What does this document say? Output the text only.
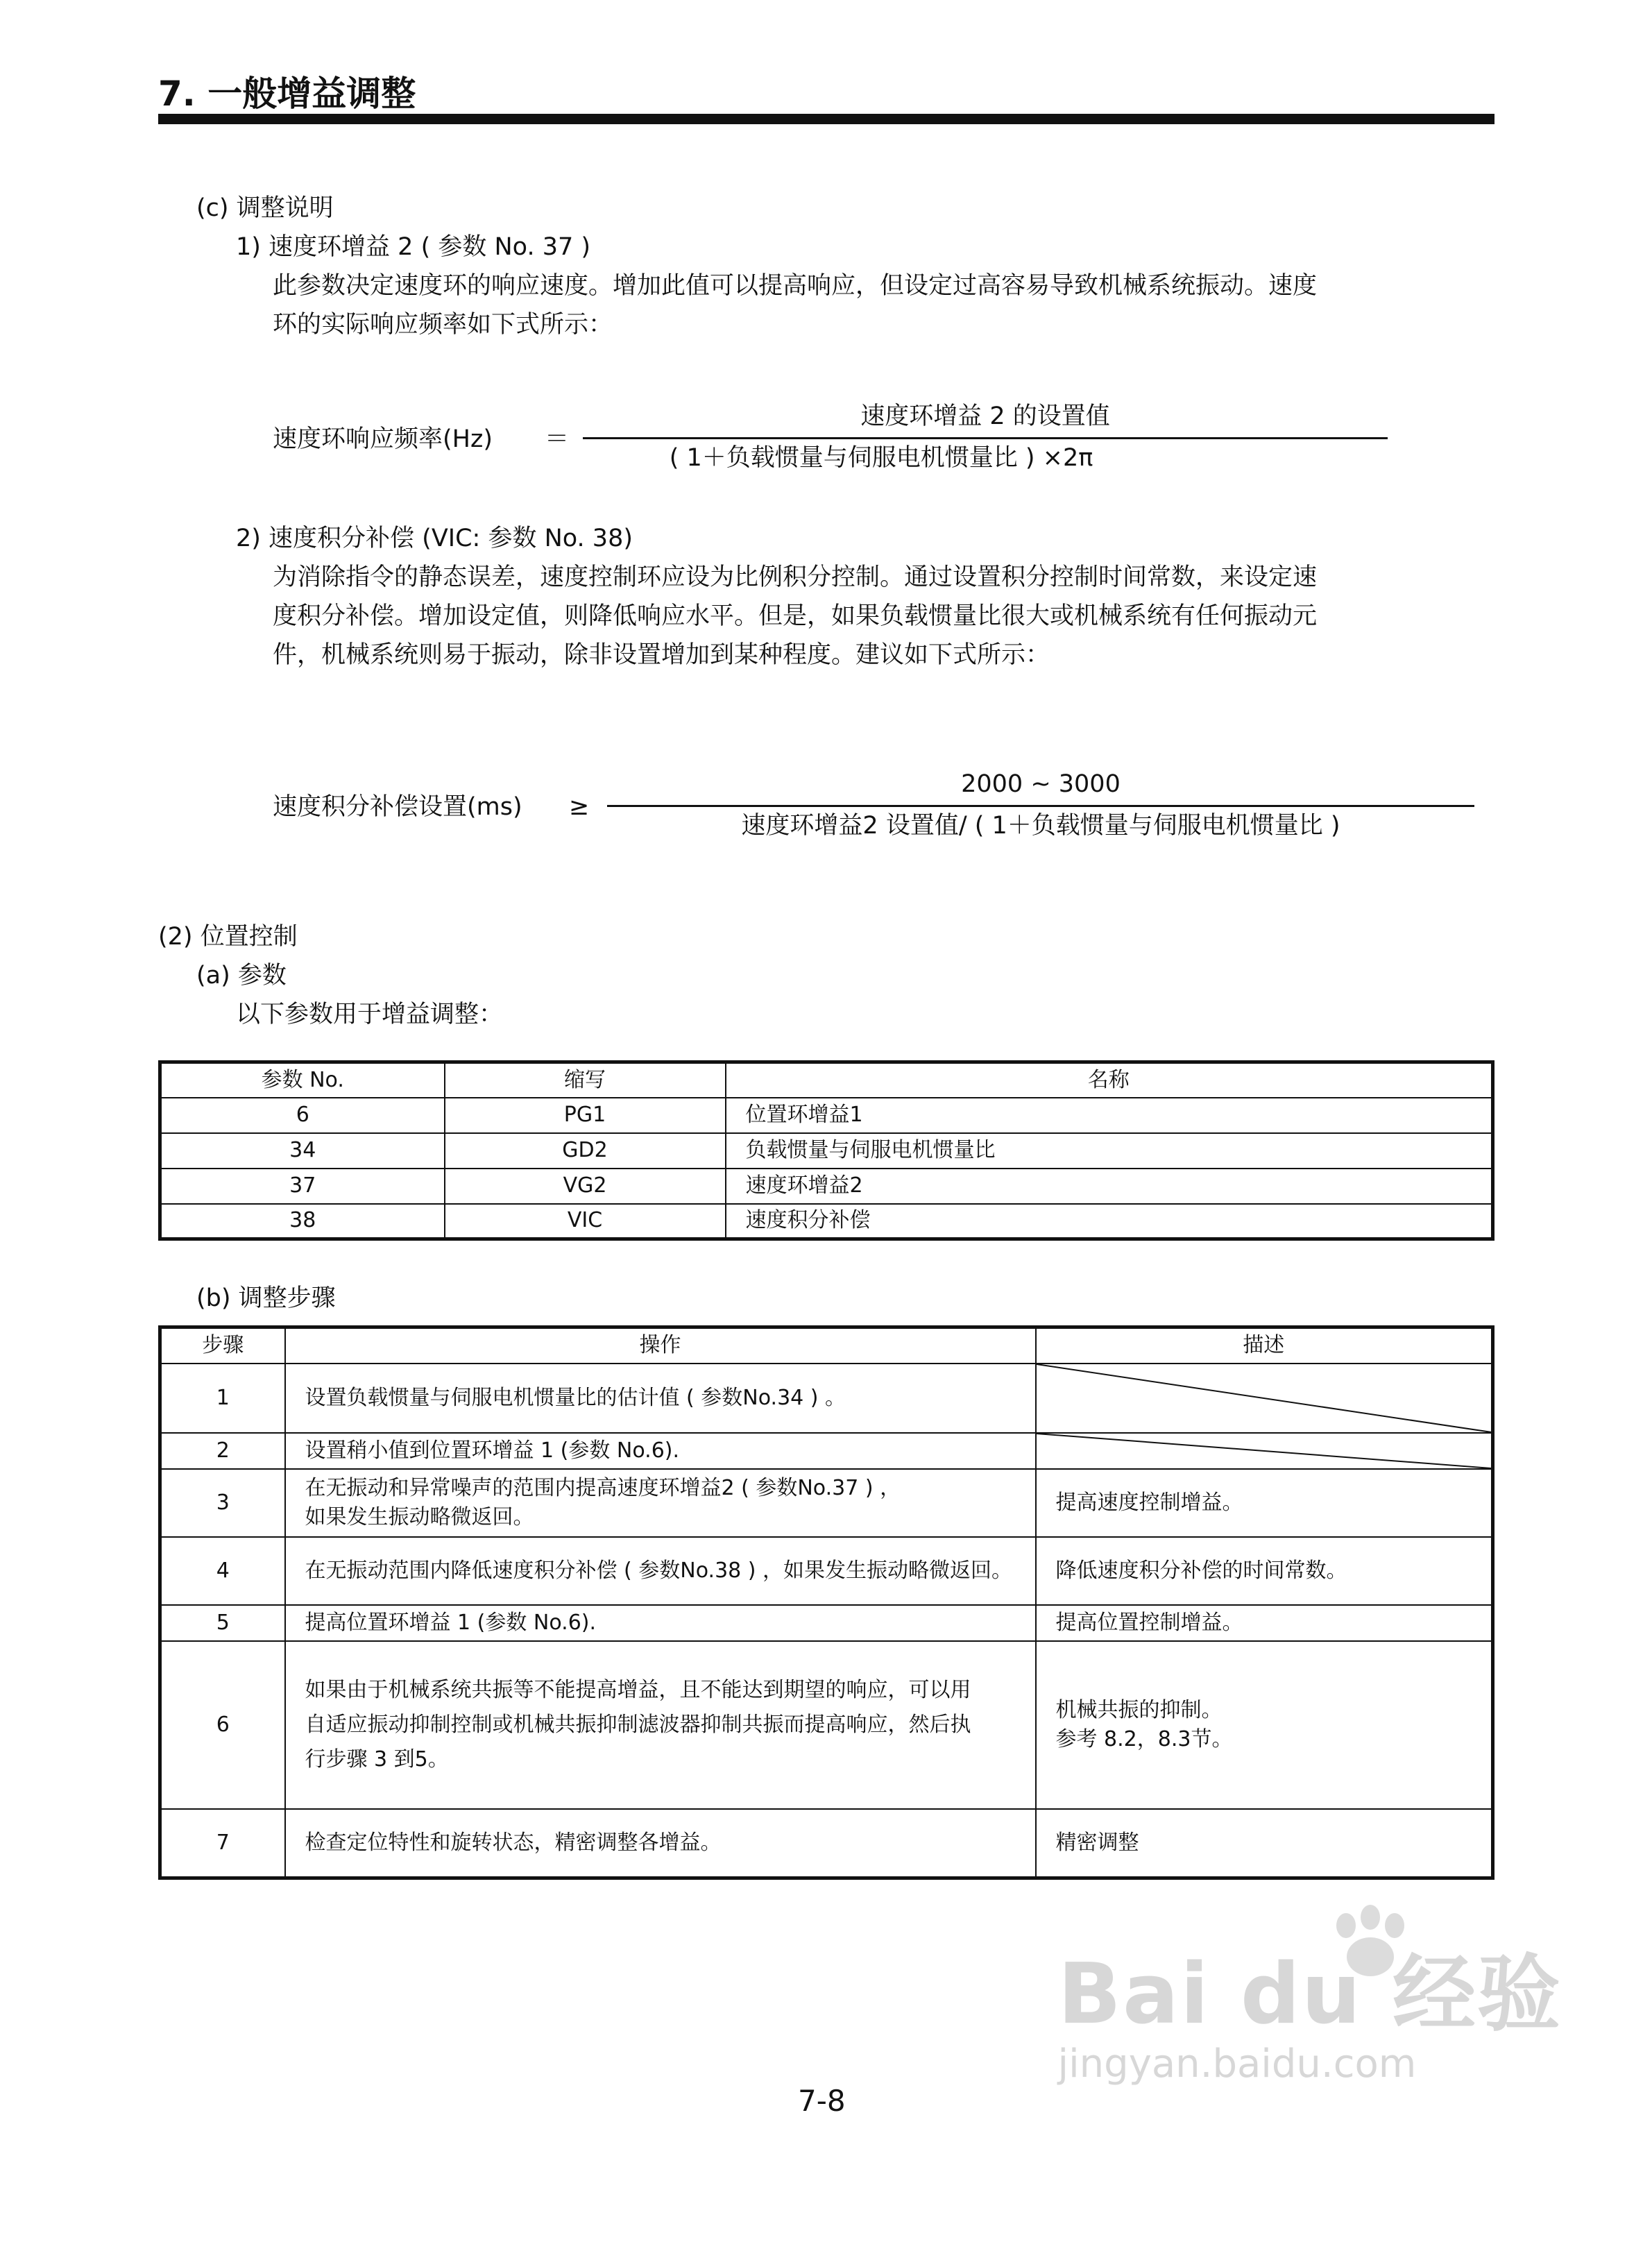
7. 一般增益调整
(c) 调整说明
1) 速度环增益 2 ( 参数 No. 37 )
此参数决定速度环的响应速度。增加此值可以提高响应，但设定过高容易导致机械系统振动。速度
环的实际响应频率如下式所示：
速度环响应频率(Hz) ＝
速度环增益 2 的设置值
( 1＋负载惯量与伺服电机惯量比 ) ×2π
2) 速度积分补偿 (VIC: 参数 No. 38)
为消除指令的静态误差，速度控制环应设为比例积分控制。通过设置积分控制时间常数，来设定速
度积分补偿。增加设定值，则降低响应水平。但是，如果负载惯量比很大或机械系统有任何振动元
件，机械系统则易于振动，除非设置增加到某种程度。建议如下式所示：
速度积分补偿设置(ms) ≥
2000 ~ 3000
速度环增益2 设置值/ ( 1＋负载惯量与伺服电机惯量比 )
(2) 位置控制
(a) 参数
以下参数用于增益调整：
参数 No.	缩写	名称
6	PG1	位置环增益1
34	GD2	负载惯量与伺服电机惯量比
37	VG2	速度环增益2
38	VIC	速度积分补偿
(b) 调整步骤
步骤	操作	描述
1	设置负载惯量与伺服电机惯量比的估计值 ( 参数No.34 ) 。	

2	设置稍小值到位置环增益 1 (参数 No.6).	

3	在无振动和异常噪声的范围内提高速度环增益2 ( 参数No.37 ) ，
如果发生振动略微返回。	提高速度控制增益。
4	在无振动范围内降低速度积分补偿 ( 参数No.38 ) ，如果发生振动略微返回。	降低速度积分补偿的时间常数。
5	提高位置环增益 1 (参数 No.6).	提高位置控制增益。
6	如果由于机械系统共振等不能提高增益，且不能达到期望的响应，可以用
自适应振动抑制控制或机械共振抑制滤波器抑制共振而提高响应，然后执
行步骤 3 到5。	机械共振的抑制。
参考 8.2，8.3节。
7	检查定位特性和旋转状态，精密调整各增益。	精密调整
Bai du 经验
jingyan.baidu.com
7-8
